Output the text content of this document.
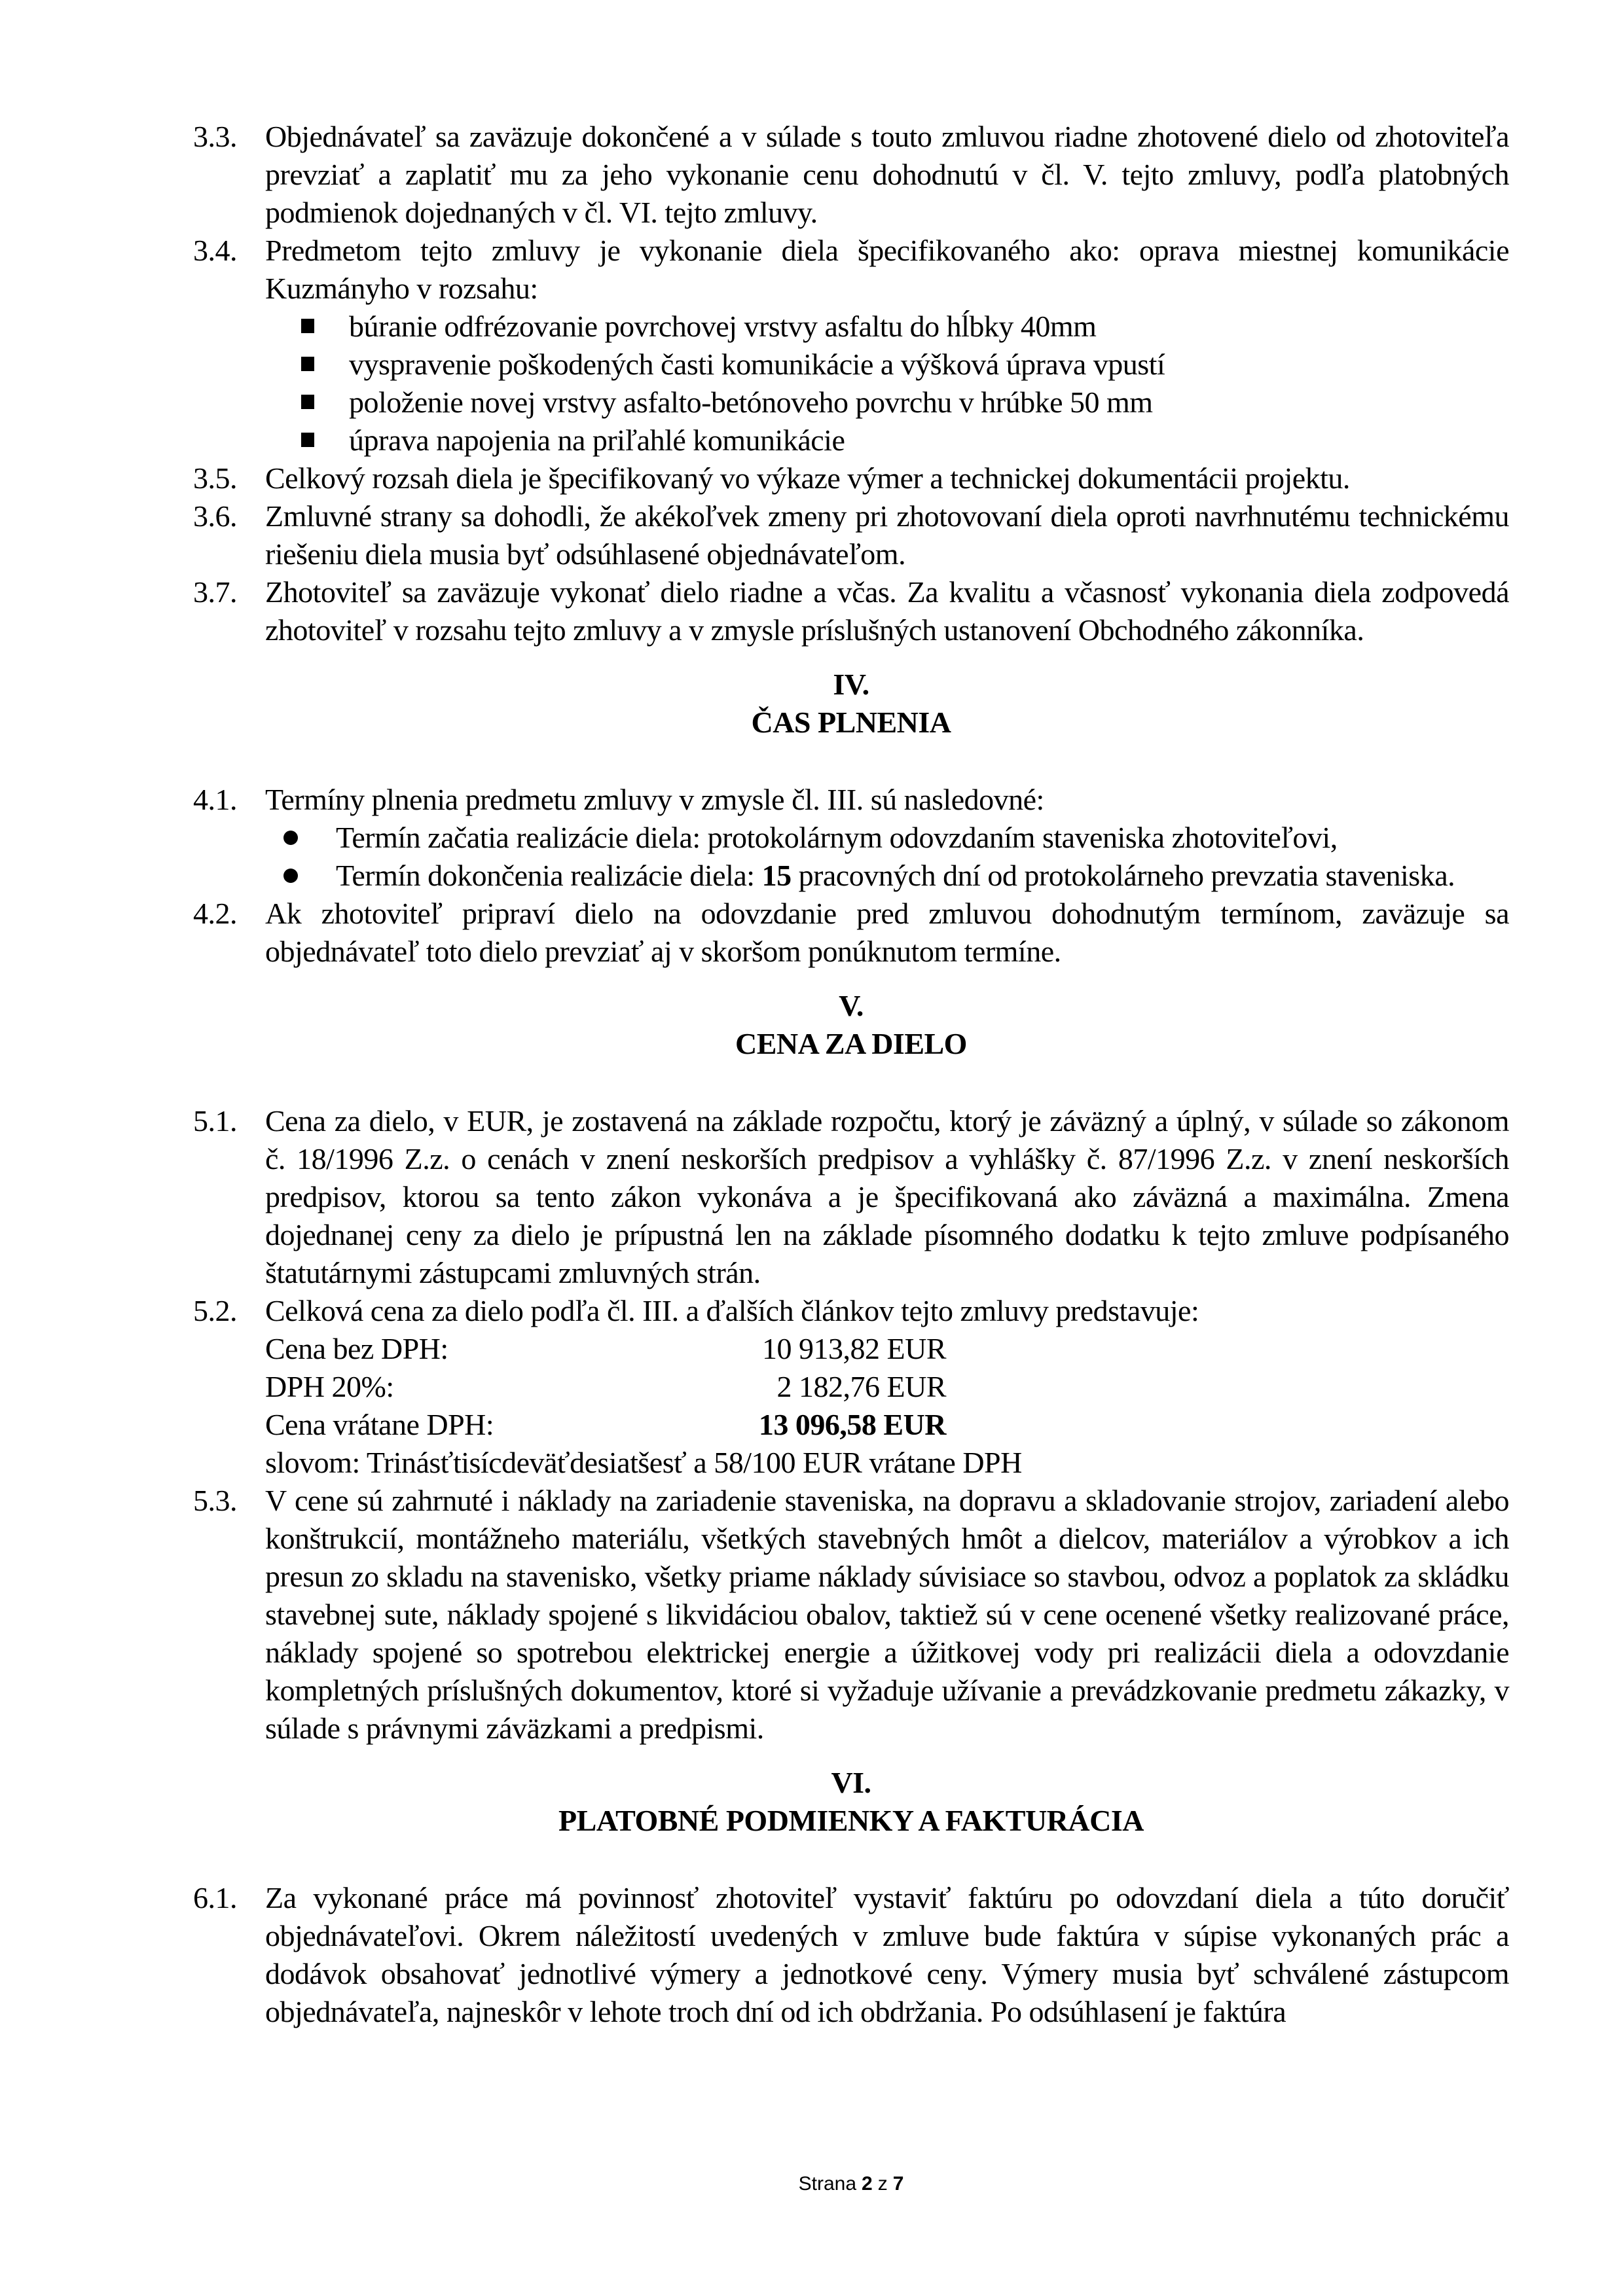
3.3. Objednávateľ sa zaväzuje dokončené a v súlade s touto zmluvou riadne zhotovené dielo od zhotoviteľa prevziať a zaplatiť mu za jeho vykonanie cenu dohodnutú v čl. V. tejto zmluvy, podľa platobných podmienok dojednaných v čl. VI. tejto zmluvy.
3.4. Predmetom tejto zmluvy je vykonanie diela špecifikovaného ako: oprava miestnej komunikácie Kuzmányho v rozsahu:
búranie odfrézovanie povrchovej vrstvy asfaltu do hĺbky 40mm
vyspravenie poškodených časti komunikácie a výšková úprava vpustí
položenie novej vrstvy asfalto-betónoveho povrchu v hrúbke 50 mm
úprava napojenia na priľahlé komunikácie
3.5. Celkový rozsah diela je špecifikovaný vo výkaze výmer a technickej dokumentácii projektu.
3.6. Zmluvné strany sa dohodli, že akékoľvek zmeny pri zhotovovaní diela oproti navrhnutému technickému riešeniu diela musia byť odsúhlasené objednávateľom.
3.7. Zhotoviteľ sa zaväzuje vykonať dielo riadne a včas. Za kvalitu a včasnosť vykonania diela zodpovedá zhotoviteľ v rozsahu tejto zmluvy a v zmysle príslušných ustanovení Obchodného zákonníka.
IV.
ČAS PLNENIA
4.1. Termíny plnenia predmetu zmluvy v zmysle čl. III. sú nasledovné:
Termín začatia realizácie diela: protokolárnym odovzdaním staveniska zhotoviteľovi,
Termín dokončenia realizácie diela: 15 pracovných dní od protokolárneho prevzatia staveniska.
4.2. Ak zhotoviteľ pripraví dielo na odovzdanie pred zmluvou dohodnutým termínom, zaväzuje sa objednávateľ toto dielo prevziať aj v skoršom ponúknutom termíne.
V.
CENA ZA DIELO
5.1. Cena za dielo, v EUR, je zostavená na základe rozpočtu, ktorý je záväzný a úplný, v súlade so zákonom č. 18/1996 Z.z. o cenách v znení neskorších predpisov a vyhlášky č. 87/1996 Z.z. v znení neskorších predpisov, ktorou sa tento zákon vykonáva a je špecifikovaná ako záväzná a maximálna. Zmena dojednanej ceny za dielo je prípustná len na základe písomného dodatku k tejto zmluve podpísaného štatutárnymi zástupcami zmluvných strán.
5.2. Celková cena za dielo podľa čl. III. a ďalších článkov tejto zmluvy predstavuje:
Cena bez DPH:	10 913,82 EUR
DPH 20%:	2 182,76 EUR
Cena vrátane DPH:	13 096,58 EUR
slovom: Trinásťtisícdeväťdesiatšesť a 58/100 EUR vrátane DPH
5.3. V cene sú zahrnuté i náklady na zariadenie staveniska, na dopravu a skladovanie strojov, zariadení alebo konštrukcií, montážneho materiálu, všetkých stavebných hmôt a dielcov, materiálov a výrobkov a ich presun zo skladu na stavenisko, všetky priame náklady súvisiace so stavbou, odvoz a poplatok za skládku stavebnej sute, náklady spojené s likvidáciou obalov, taktiež sú v cene ocenené všetky realizované práce, náklady spojené so spotrebou elektrickej energie a úžitkovej vody pri realizácii diela a odovzdanie kompletných príslušných dokumentov, ktoré si vyžaduje užívanie a prevádzkovanie predmetu zákazky, v súlade s právnymi záväzkami a predpismi.
VI.
PLATOBNÉ PODMIENKY A FAKTURÁCIA
6.1. Za vykonané práce má povinnosť zhotoviteľ vystaviť faktúru po odovzdaní diela a túto doručiť objednávateľovi. Okrem náležitostí uvedených v zmluve bude faktúra v súpise vykonaných prác a dodávok obsahovať jednotlivé výmery a jednotkové ceny. Výmery musia byť schválené zástupcom objednávateľa, najneskôr v lehote troch dní od ich obdržania. Po odsúhlasení je faktúra
Strana 2 z 7
